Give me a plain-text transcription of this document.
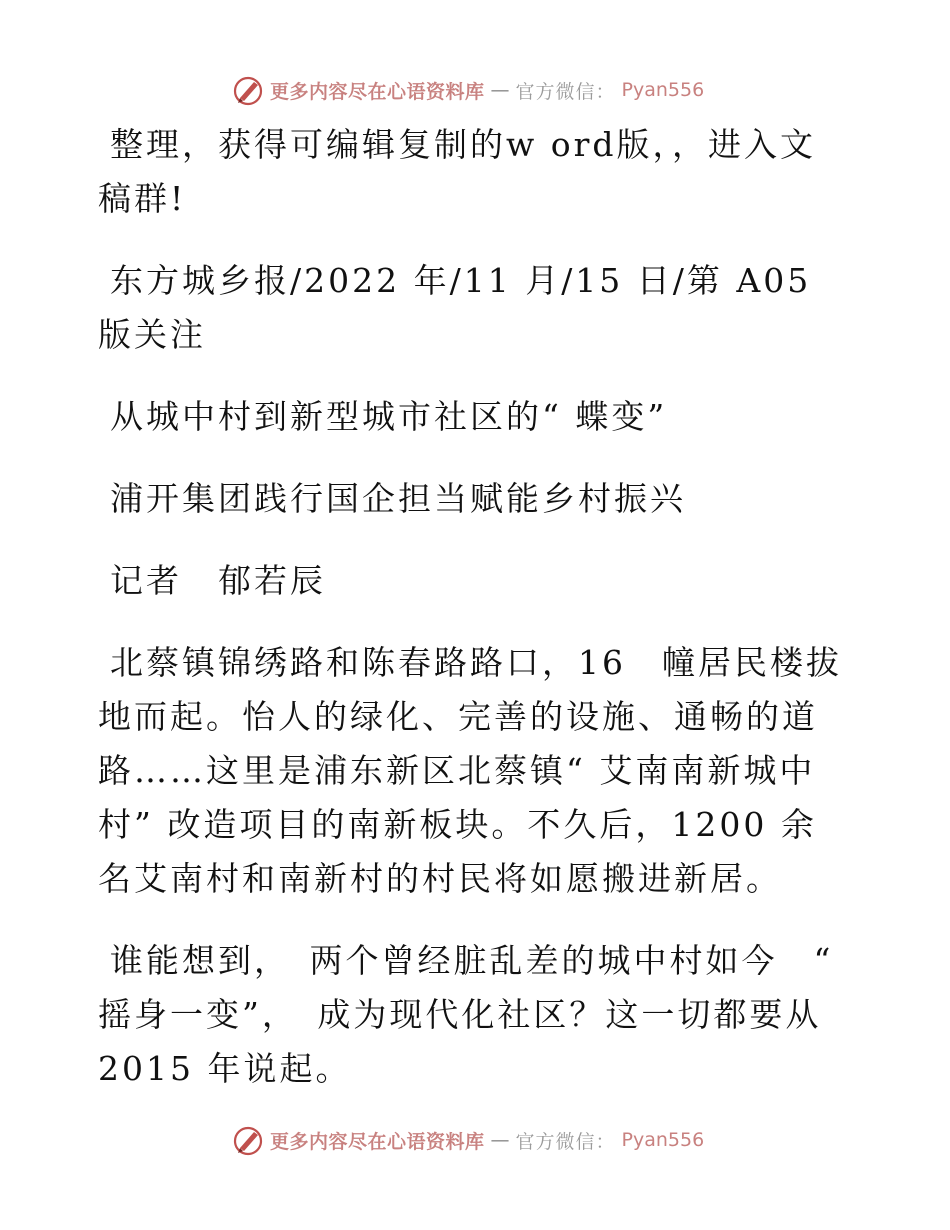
更多内容尽在心语资料库 — 官方微信： Pyan556

整理，获得可编辑复制的w ord版，，进入文稿群!

东方城乡报/2022 年/11 月/15 日/第 A05 版关注

从城中村到新型城市社区的“ 蝶变”

浦开集团践行国企担当赋能乡村振兴

记者　郁若辰

北蔡镇锦绣路和陈春路路口，16　幢居民楼拔地而起。怡人的绿化、完善的设施、通畅的道路……这里是浦东新区北蔡镇“ 艾南南新城中村” 改造项目的南新板块。不久后，1200 余名艾南村和南新村的村民将如愿搬进新居。

谁能想到，　两个曾经脏乱差的城中村如今　“ 摇身一变”，　成为现代化社区？这一切都要从 2015 年说起。

更多内容尽在心语资料库 — 官方微信： Pyan556
